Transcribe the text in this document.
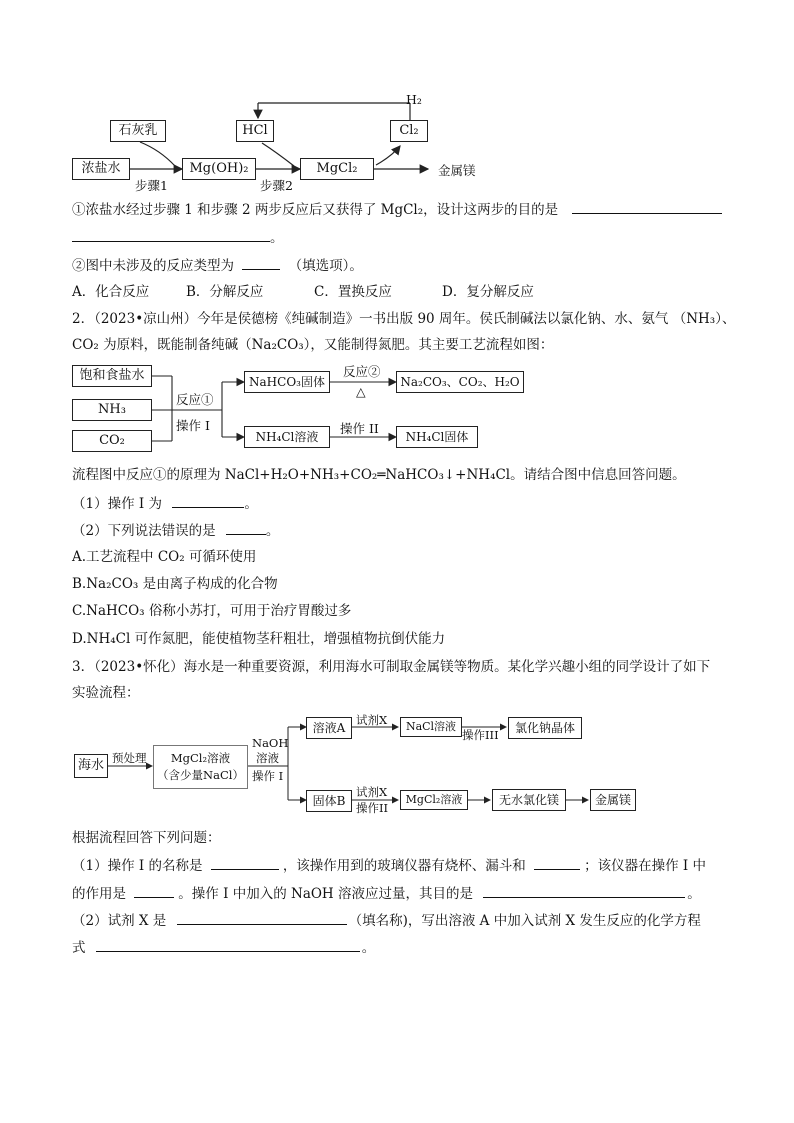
石灰乳
浓盐水	Mg(OH)₂
HCl
MgCl₂
Cl₂
H₂
步骤1	步骤2
金属镁
①浓盐水经过步骤 1 和步骤 2 两步反应后又获得了 MgCl₂，设计这两步的目的是
。
②图中未涉及的反应类型为	（填选项）。
A．化合反应	B．分解反应	C．置换反应	D．复分解反应
2．（2023•凉山州）今年是侯德榜《纯碱制造》一书出版 90 周年。侯氏制碱法以氯化钠、水、氨气 （NH₃）、
CO₂ 为原料，既能制备纯碱（Na₂CO₃），又能制得氮肥。其主要工艺流程如图：
饱和食盐水
NH₃
CO₂
反应①
操作 I
NaHCO₃固体
反应②
△
Na₂CO₃、CO₂、H₂O
NH₄Cl溶液
操作 II
NH₄Cl固体
流程图中反应①的原理为 NaCl+H₂O+NH₃+CO₂═NaHCO₃↓+NH₄Cl。请结合图中信息回答问题。
（1）操作 I 为	。
（2）下列说法错误的是	。
A.工艺流程中 CO₂ 可循环使用
B.Na₂CO₃ 是由离子构成的化合物
C.NaHCO₃ 俗称小苏打，可用于治疗胃酸过多
D.NH₄Cl 可作氮肥，能使植物茎秆粗壮，增强植物抗倒伏能力
3．（2023•怀化）海水是一种重要资源，利用海水可制取金属镁等物质。某化学兴趣小组的同学设计了如下
实验流程：
海水 预处理	MgCl₂溶液
（含少量NaCl）
NaOH
溶液
操作 I
溶液A
试剂X	NaCl溶液
操作III	氯化钠晶体
固体B
试剂X
操作II
MgCl₂溶液	无水氯化镁	金属镁
根据流程回答下列问题：
（1）操作 I 的名称是	，该操作用到的玻璃仪器有烧杯、漏斗和	；该仪器在操作 I 中
的作用是	。操作 I 中加入的 NaOH 溶液应过量，其目的是	。
（2）试剂 X 是	（填名称)，写出溶液 A 中加入试剂 X 发生反应的化学方程
式	。
